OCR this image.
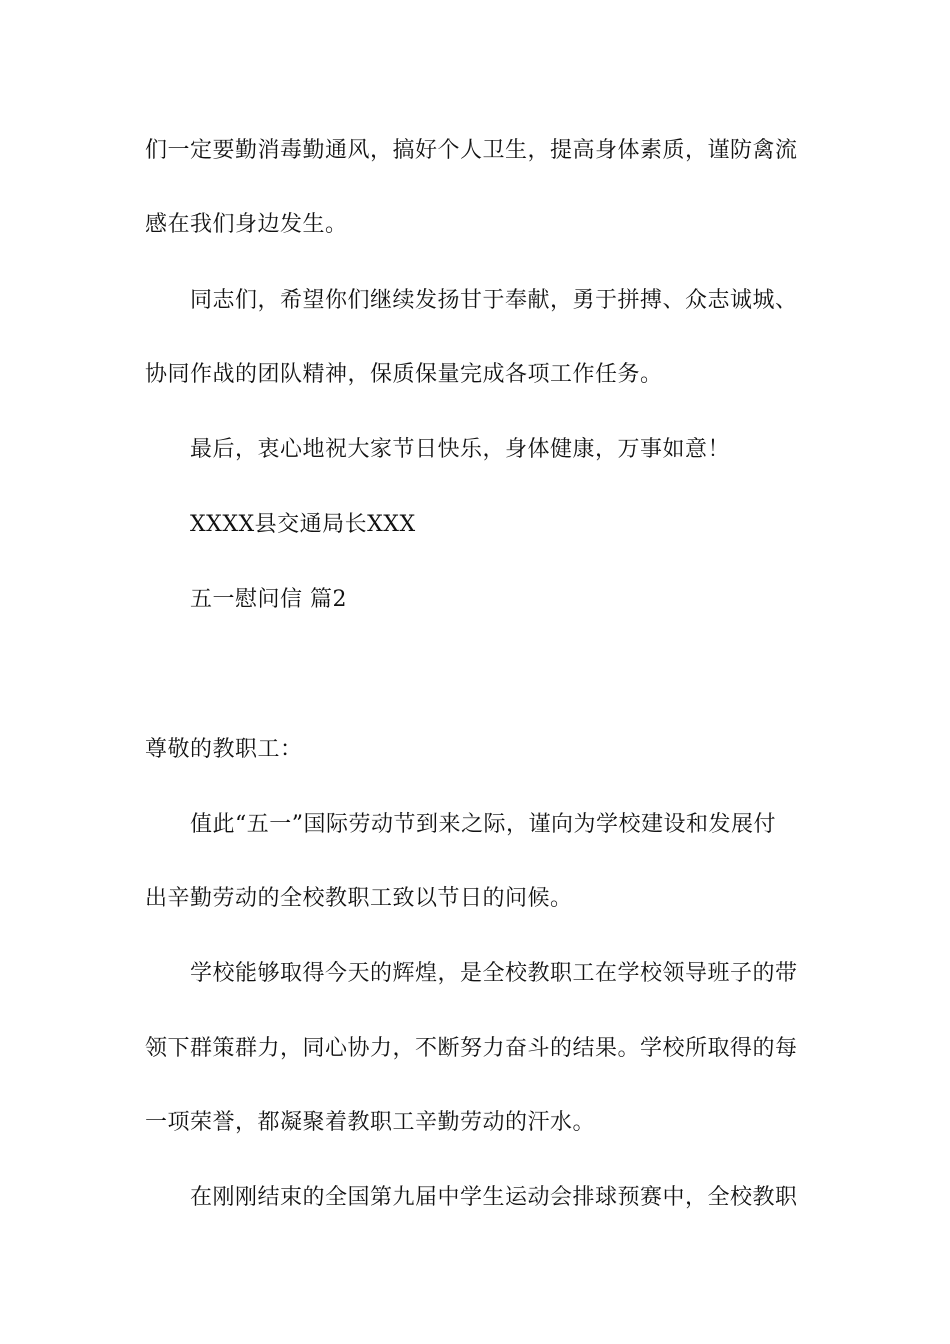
们一定要勤消毒勤通风，搞好个人卫生，提高身体素质，谨防禽流
感在我们身边发生。
同志们，希望你们继续发扬甘于奉献，勇于拼搏、众志诚城、
协同作战的团队精神，保质保量完成各项工作任务。
最后，衷心地祝大家节日快乐，身体健康，万事如意！
XXXX县交通局长XXX
五一慰问信 篇2
尊敬的教职工：
值此“五一”国际劳动节到来之际，谨向为学校建设和发展付
出辛勤劳动的全校教职工致以节日的问候。
学校能够取得今天的辉煌，是全校教职工在学校领导班子的带
领下群策群力，同心协力，不断努力奋斗的结果。学校所取得的每
一项荣誉，都凝聚着教职工辛勤劳动的汗水。
在刚刚结束的全国第九届中学生运动会排球预赛中，全校教职
